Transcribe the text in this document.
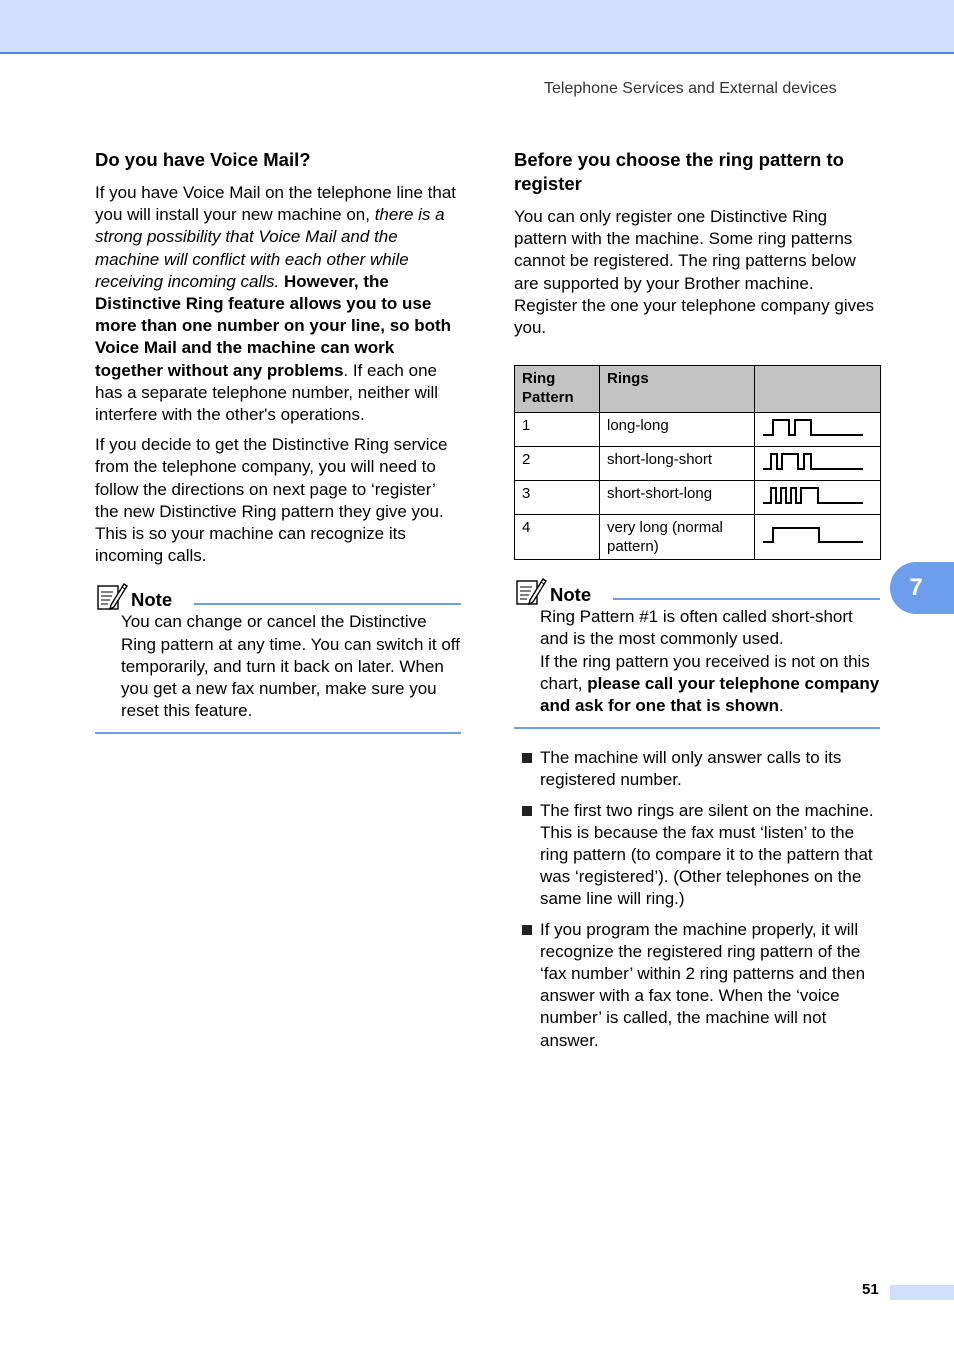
Telephone Services and External devices
Do you have Voice Mail?

If you have Voice Mail on the telephone line that you will install your new machine on, there is a strong possibility that Voice Mail and the machine will conflict with each other while receiving incoming calls. However, the Distinctive Ring feature allows you to use more than one number on your line, so both Voice Mail and the machine can work together without any problems. If each one has a separate telephone number, neither will interfere with the other's operations.

If you decide to get the Distinctive Ring service from the telephone company, you will need to follow the directions on next page to ‘register’ the new Distinctive Ring pattern they give you. This is so your machine can recognize its incoming calls.

Note
You can change or cancel the Distinctive Ring pattern at any time. You can switch it off temporarily, and turn it back on later. When you get a new fax number, make sure you reset this feature.
Before you choose the ring pattern to register

You can only register one Distinctive Ring pattern with the machine. Some ring patterns cannot be registered. The ring patterns below are supported by your Brother machine. Register the one your telephone company gives you.

Ring Pattern	Rings	
1	long-long	
2	short-long-short	
3	short-short-long	
4	very long (normal pattern)	
Note
Ring Pattern #1 is often called short-short and is the most commonly used.
If the ring pattern you received is not on this chart, please call your telephone company and ask for one that is shown.
The machine will only answer calls to its registered number.
The first two rings are silent on the machine. This is because the fax must ‘listen’ to the ring pattern (to compare it to the pattern that was ‘registered’). (Other telephones on the same line will ring.)
If you program the machine properly, it will recognize the registered ring pattern of the ‘fax number’ within 2 ring patterns and then answer with a fax tone. When the ‘voice number’ is called, the machine will not answer.
7
51
